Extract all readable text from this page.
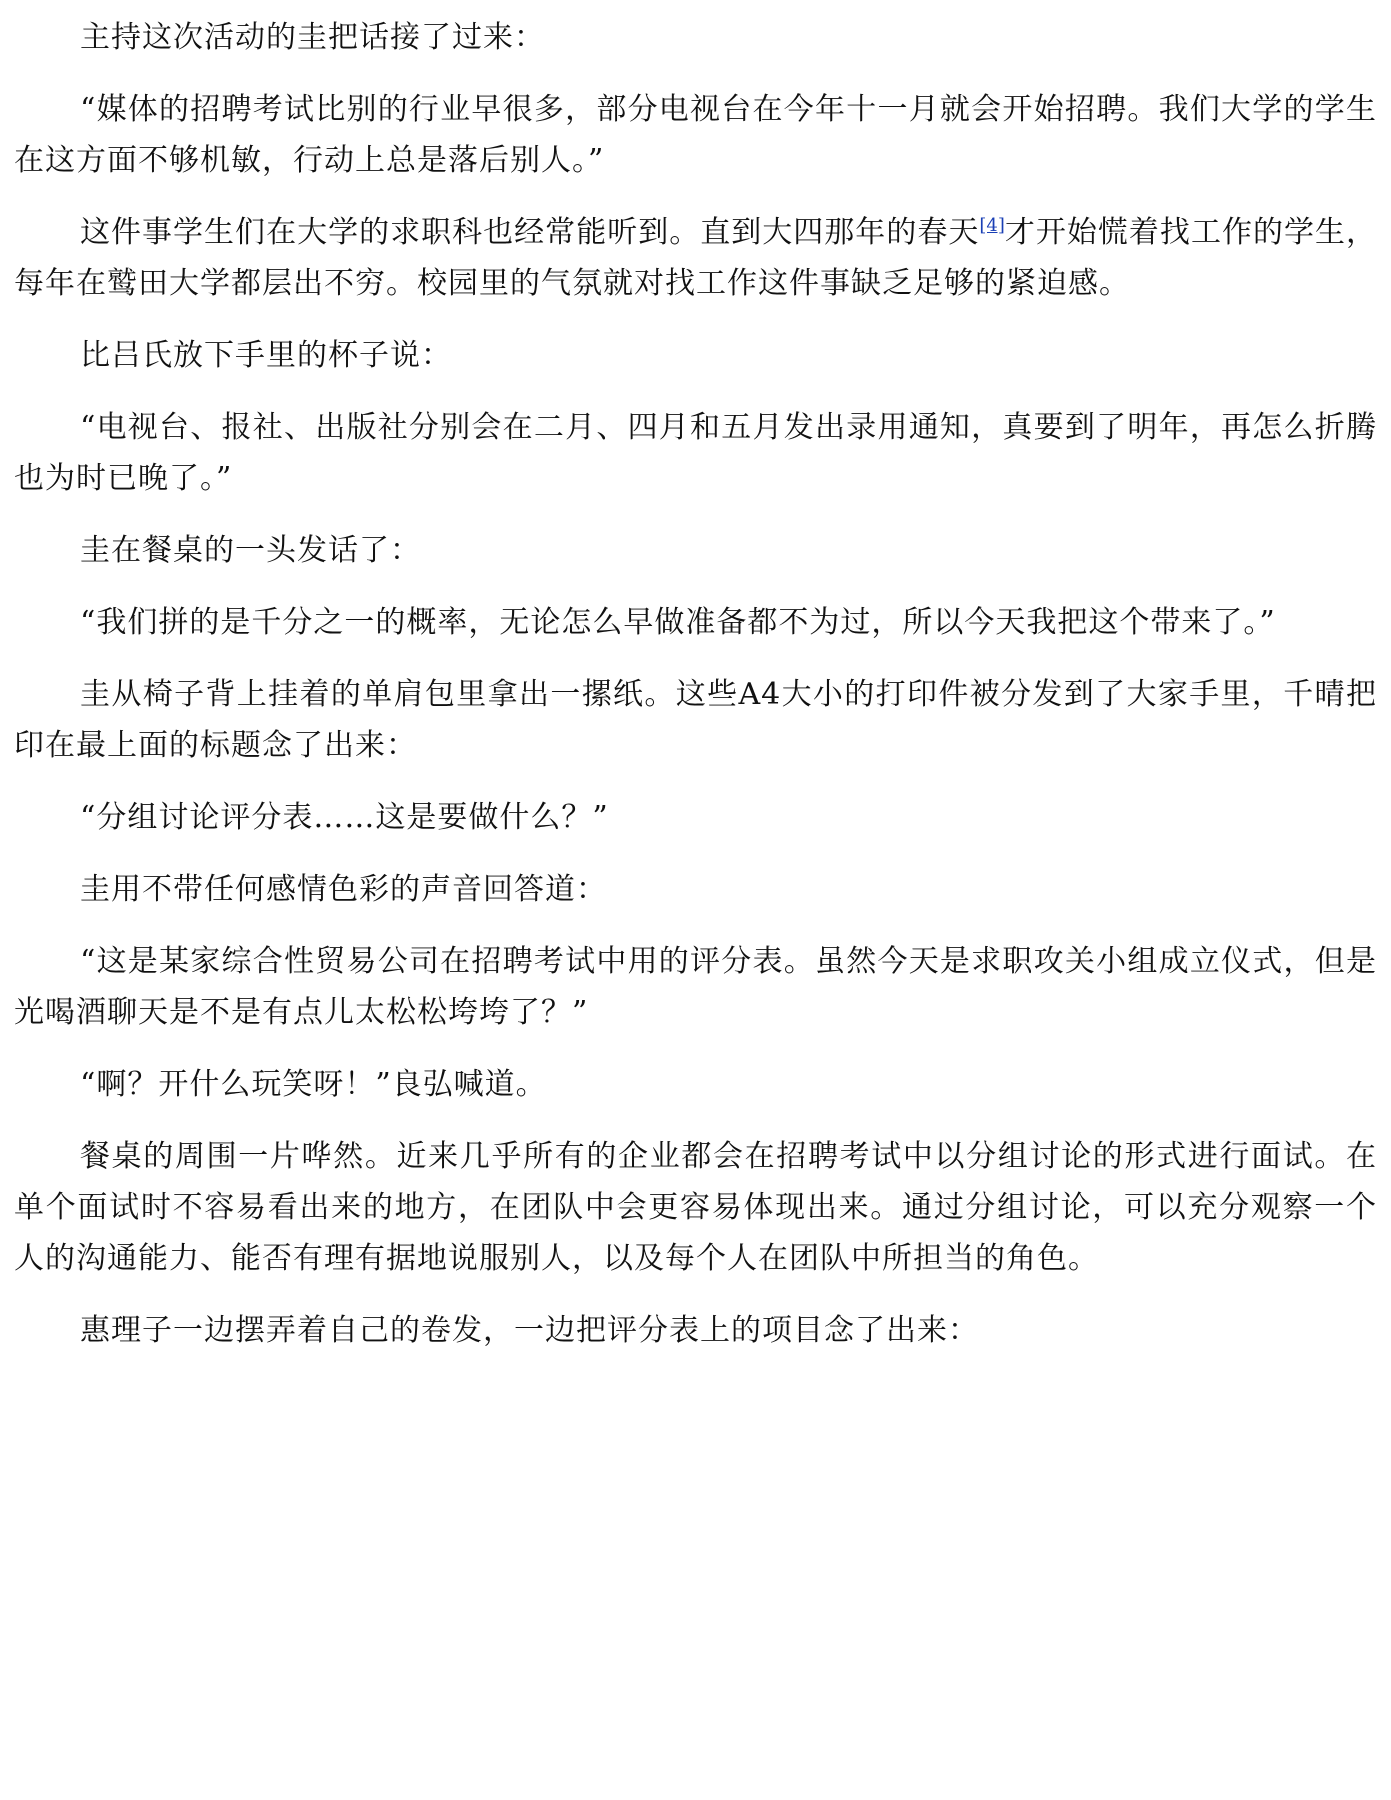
主持这次活动的圭把话接了过来：

“媒体的招聘考试比别的行业早很多，部分电视台在今年十一月就会开始招聘。我们大学的学生在这方面不够机敏，行动上总是落后别人。”

这件事学生们在大学的求职科也经常能听到。直到大四那年的春天[4]才开始慌着找工作的学生，每年在鹫田大学都层出不穷。校园里的气氛就对找工作这件事缺乏足够的紧迫感。

比吕氏放下手里的杯子说：

“电视台、报社、出版社分别会在二月、四月和五月发出录用通知，真要到了明年，再怎么折腾也为时已晚了。”

圭在餐桌的一头发话了：

“我们拼的是千分之一的概率，无论怎么早做准备都不为过，所以今天我把这个带来了。”

圭从椅子背上挂着的单肩包里拿出一摞纸。这些A4大小的打印件被分发到了大家手里，千晴把印在最上面的标题念了出来：

“分组讨论评分表……这是要做什么？”

圭用不带任何感情色彩的声音回答道：

“这是某家综合性贸易公司在招聘考试中用的评分表。虽然今天是求职攻关小组成立仪式，但是光喝酒聊天是不是有点儿太松松垮垮了？”

“啊？开什么玩笑呀！”良弘喊道。

餐桌的周围一片哗然。近来几乎所有的企业都会在招聘考试中以分组讨论的形式进行面试。在单个面试时不容易看出来的地方，在团队中会更容易体现出来。通过分组讨论，可以充分观察一个人的沟通能力、能否有理有据地说服别人，以及每个人在团队中所担当的角色。

惠理子一边摆弄着自己的卷发，一边把评分表上的项目念了出来：
